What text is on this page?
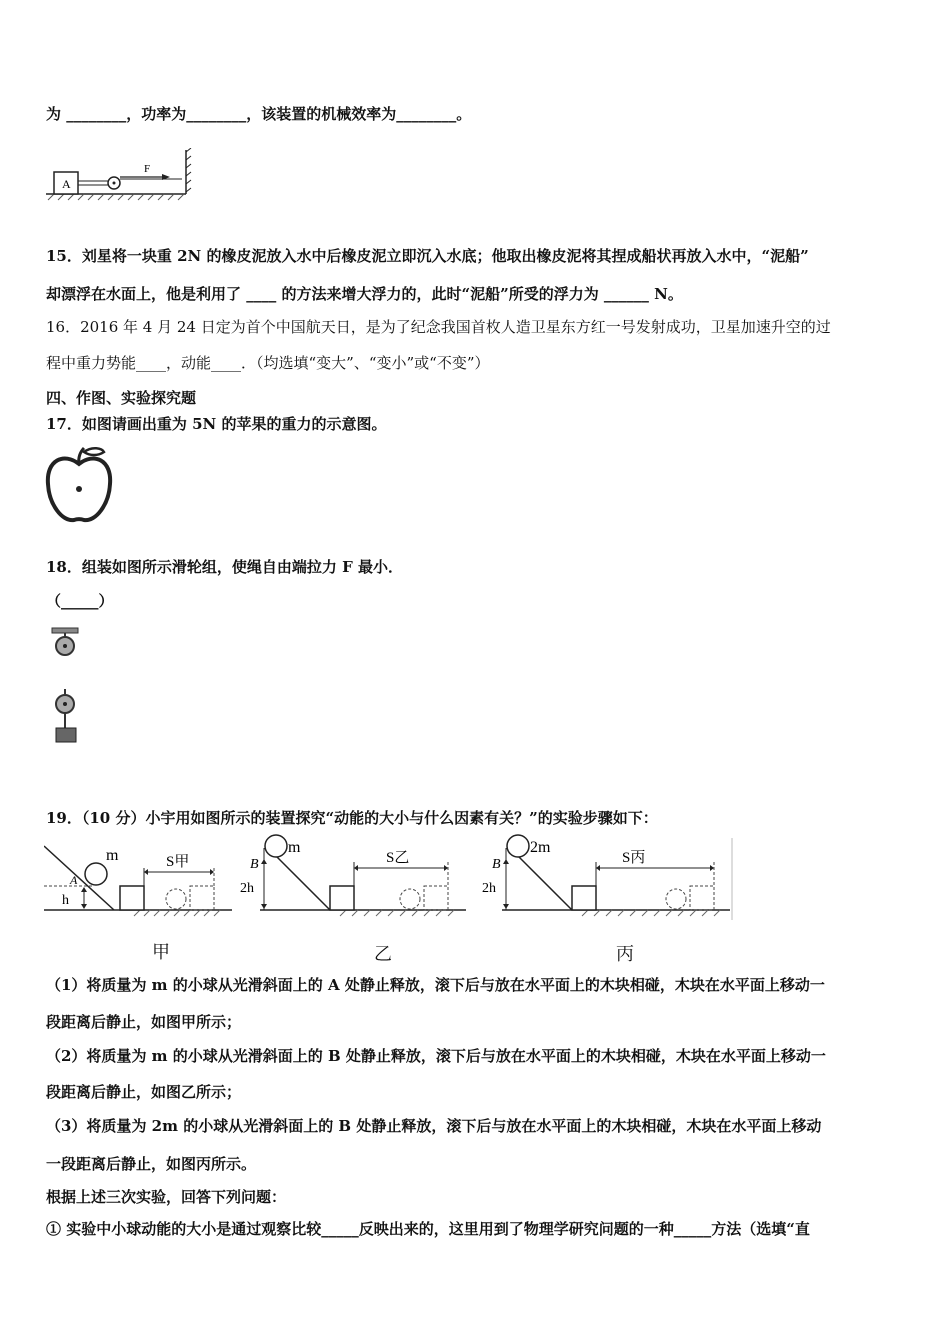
为 ________，功率为________，该装置的机械效率为________。
A
F
15．刘星将一块重 2N 的橡皮泥放入水中后橡皮泥立即沉入水底；他取出橡皮泥将其捏成船状再放入水中，“泥船”
却漂浮在水面上，他是利用了 ____ 的方法来增大浮力的，此时“泥船”所受的浮力为 ______ N。
16．2016 年 4 月 24 日定为首个中国航天日，是为了纪念我国首枚人造卫星东方红一号发射成功，卫星加速升空的过
程中重力势能____，动能____．（均选填“变大”、“变小”或“不变”）
四、作图、实验探究题
17．如图请画出重为 5N 的苹果的重力的示意图。
18．组装如图所示滑轮组，使绳自由端拉力 F 最小．
（_____）
19．（10 分）小宇用如图所示的装置探究“动能的大小与什么因素有关？”的实验步骤如下：
m
A
h
S甲
甲
m
B
2h
S乙
乙
2m
B
2h
S丙
丙
（1）将质量为 m 的小球从光滑斜面上的 A 处静止释放，滚下后与放在水平面上的木块相碰，木块在水平面上移动一
段距离后静止，如图甲所示；
（2）将质量为 m 的小球从光滑斜面上的 B 处静止释放，滚下后与放在水平面上的木块相碰，木块在水平面上移动一
段距离后静止，如图乙所示；
（3）将质量为 2m 的小球从光滑斜面上的 B 处静止释放，滚下后与放在水平面上的木块相碰，木块在水平面上移动
一段距离后静止，如图丙所示。
根据上述三次实验，回答下列问题：
① 实验中小球动能的大小是通过观察比较_____反映出来的，这里用到了物理学研究问题的一种_____方法（选填“直
